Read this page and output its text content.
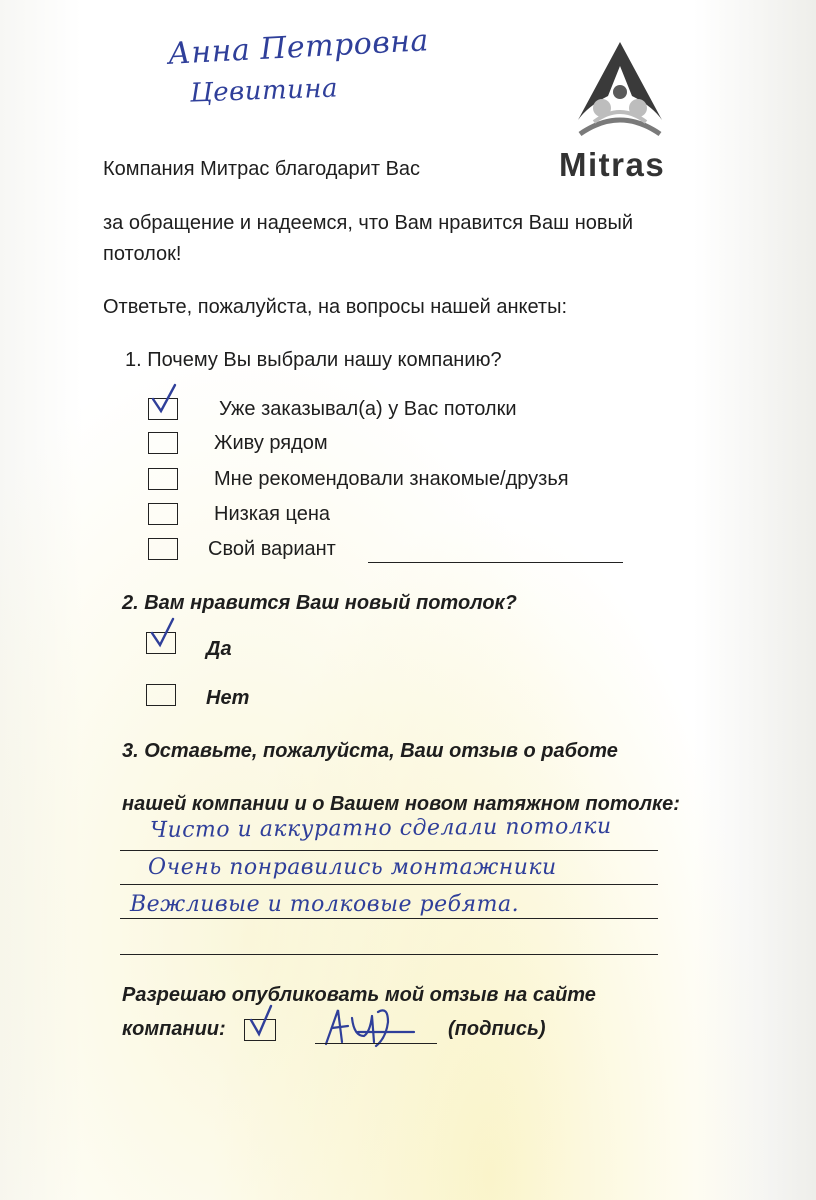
Анна Петровна
Цевитина
Mitras
Компания Митрас благодарит Вас
за обращение и надеемся, что Вам нравится Ваш новый
потолок!
Ответьте, пожалуйста, на вопросы нашей анкеты:
1. Почему Вы выбрали нашу компанию?
Уже заказывал(а) у Вас потолки
Живу рядом
Мне рекомендовали знакомые/друзья
Низкая цена
Свой вариант
2. Вам нравится Ваш новый потолок?
Да
Нет
3. Оставьте, пожалуйста, Ваш отзыв о работе
нашей компании и о Вашем новом натяжном потолке:
Чисто и аккуратно сделали потолки
Очень понравились монтажники
Вежливые и толковые ребята.
Разрешаю опубликовать мой отзыв на сайте
компании:	(подпись)
